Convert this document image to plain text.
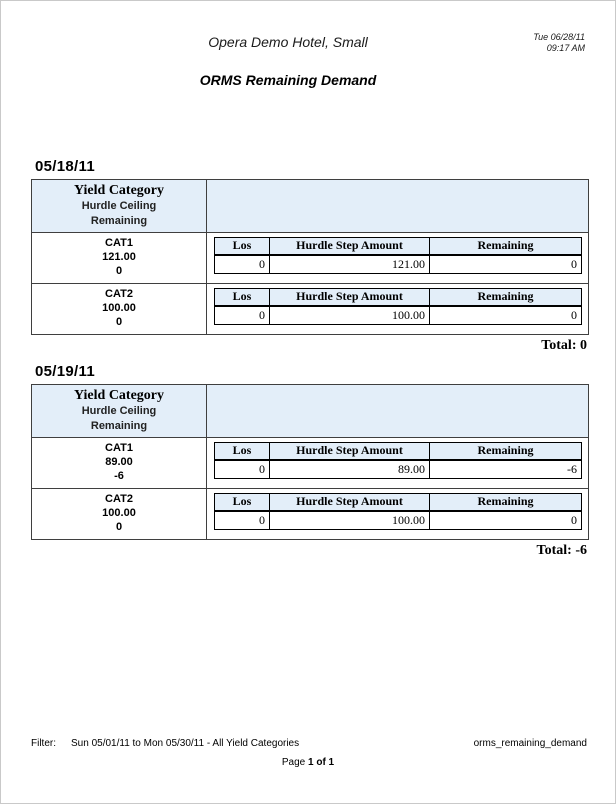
Opera Demo Hotel, Small	Tue 06/28/11
09:17 AM
ORMS Remaining Demand
05/18/11
Yield Category
Hurdle Ceiling
Remaining
CAT1
121.00
0
Los	Hurdle Step Amount	Remaining
0	121.00	0
CAT2
100.00
0
Los	Hurdle Step Amount	Remaining
0	100.00	0
Total: 0
05/19/11
Yield Category
Hurdle Ceiling
Remaining
CAT1
89.00
-6
Los	Hurdle Step Amount	Remaining
0	89.00	-6
CAT2
100.00
0
Los	Hurdle Step Amount	Remaining
0	100.00	0
Total: -6
Filter:	Sun 05/01/11 to Mon 05/30/11 - All Yield Categories	orms_remaining_demand
Page 1 of 1
